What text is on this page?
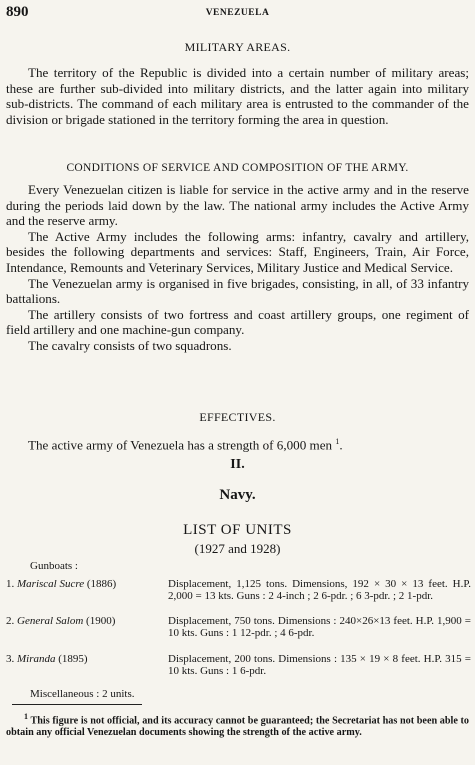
890	VENEZUELA
MILITARY AREAS.

The territory of the Republic is divided into a certain number of military areas; these are further sub-divided into military districts, and the latter again into military sub-districts. The command of each military area is entrusted to the commander of the division or brigade stationed in the territory forming the area in question.

CONDITIONS OF SERVICE AND COMPOSITION OF THE ARMY.

Every Venezuelan citizen is liable for service in the active army and in the reserve during the periods laid down by the law. The national army includes the Active Army and the reserve army.

The Active Army includes the following arms: infantry, cavalry and artillery, besides the following departments and services: Staff, Engineers, Train, Air Force, Intendance, Remounts and Veterinary Services, Military Justice and Medical Service.

The Venezuelan army is organised in five brigades, consisting, in all, of 33 infantry battalions.

The artillery consists of two fortress and coast artillery groups, one regiment of field artillery and one machine-gun company.

The cavalry consists of two squadrons.

EFFECTIVES.

The active army of Venezuela has a strength of 6,000 men $^1$.

II.
Navy.
LIST OF UNITS
(1927 and 1928)
Gunboats :
1. Mariscal Sucre (1886)	Displacement, 1,125 tons. Dimensions, 192 × 30 × 13 feet. H.P. 2,000 = 13 kts. Guns : 2 4-inch ; 2 6-pdr. ; 6 3-pdr. ; 2 1-pdr.
2. General Salom (1900)	Displacement, 750 tons. Dimensions : 240×26×13 feet. H.P. 1,900 = 10 kts. Guns : 1 12-pdr. ; 4 6-pdr.
3. Miranda (1895)	Displacement, 200 tons. Dimensions : 135 × 19 × 8 feet. H.P. 315 = 10 kts. Guns : 1 6-pdr.
Miscellaneous : 2 units.
$^1$ This figure is not official, and its accuracy cannot be guaranteed; the Secretariat has not been able to obtain any official Venezuelan documents showing the strength of the active army.
